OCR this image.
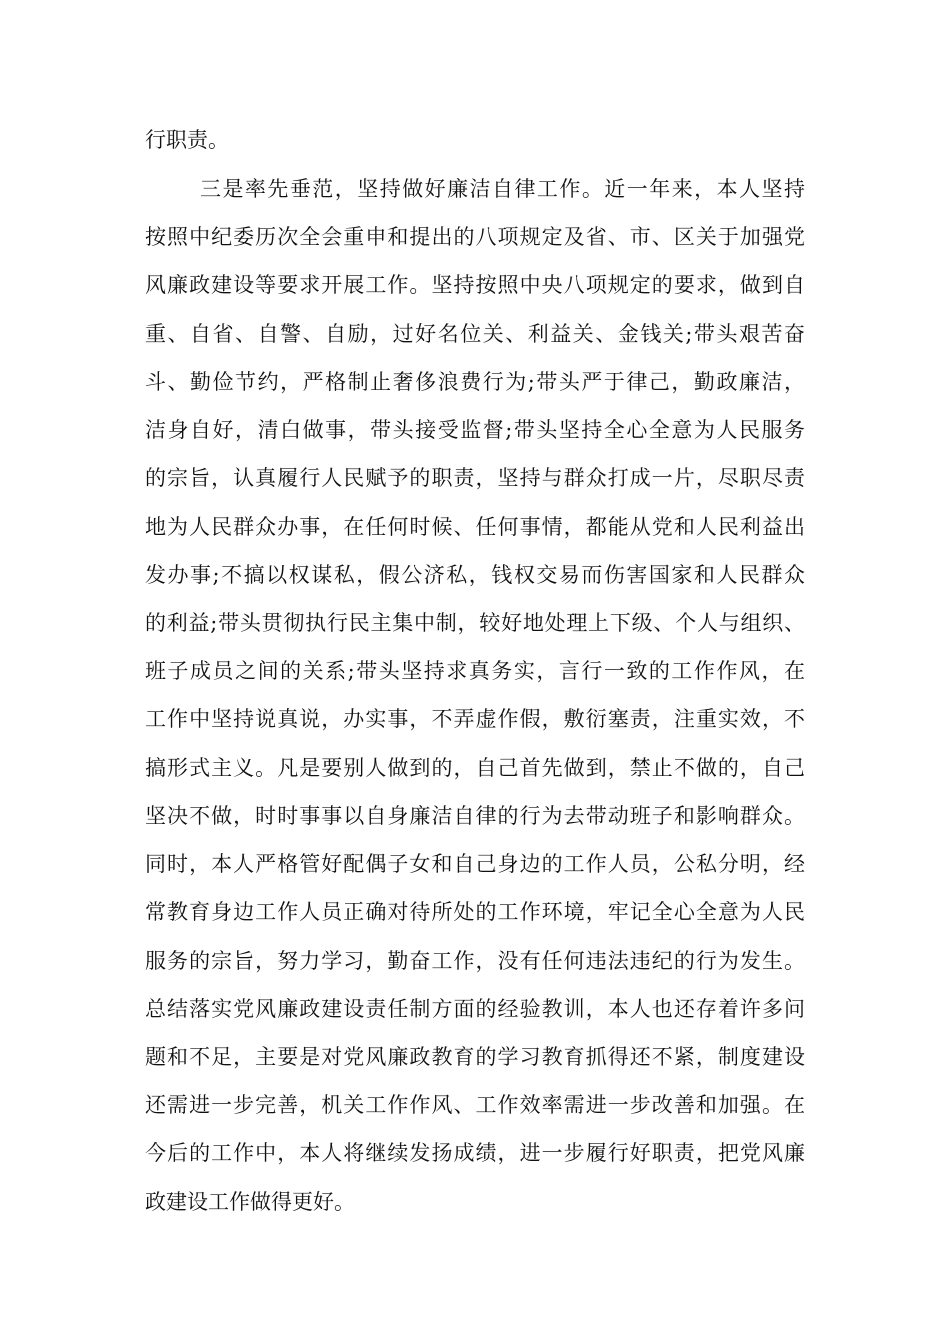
行职责。
三是率先垂范，坚持做好廉洁自律工作。近一年来，本人坚持
按照中纪委历次全会重申和提出的八项规定及省、市、区关于加强党
风廉政建设等要求开展工作。坚持按照中央八项规定的要求，做到自
重、自省、自警、自励，过好名位关、利益关、金钱关;带头艰苦奋
斗、勤俭节约，严格制止奢侈浪费行为;带头严于律己，勤政廉洁，
洁身自好，清白做事，带头接受监督;带头坚持全心全意为人民服务
的宗旨，认真履行人民赋予的职责，坚持与群众打成一片，尽职尽责
地为人民群众办事，在任何时候、任何事情，都能从党和人民利益出
发办事;不搞以权谋私，假公济私，钱权交易而伤害国家和人民群众
的利益;带头贯彻执行民主集中制，较好地处理上下级、个人与组织、
班子成员之间的关系;带头坚持求真务实，言行一致的工作作风，在
工作中坚持说真说，办实事，不弄虚作假，敷衍塞责，注重实效，不
搞形式主义。凡是要别人做到的，自己首先做到，禁止不做的，自己
坚决不做，时时事事以自身廉洁自律的行为去带动班子和影响群众。
同时，本人严格管好配偶子女和自己身边的工作人员，公私分明，经
常教育身边工作人员正确对待所处的工作环境，牢记全心全意为人民
服务的宗旨，努力学习，勤奋工作，没有任何违法违纪的行为发生。
总结落实党风廉政建设责任制方面的经验教训，本人也还存着许多问
题和不足，主要是对党风廉政教育的学习教育抓得还不紧，制度建设
还需进一步完善，机关工作作风、工作效率需进一步改善和加强。在
今后的工作中，本人将继续发扬成绩，进一步履行好职责，把党风廉
政建设工作做得更好。
